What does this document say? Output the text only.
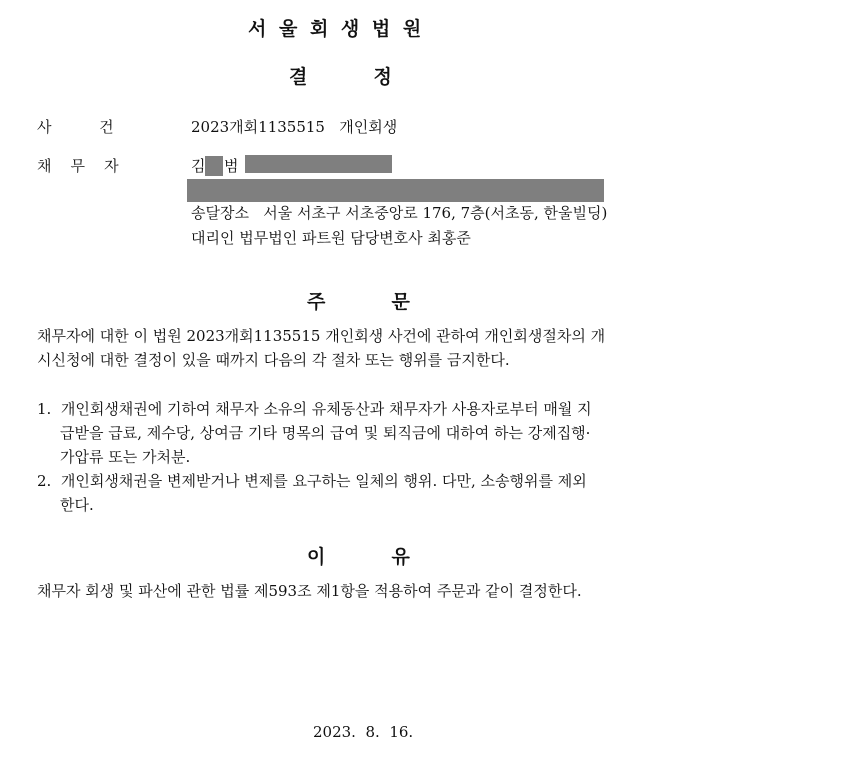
서 울 회 생 법 원
결          정
사          건	2023개회1135515   개인회생
채    무    자	김 범
송달장소   서울 서초구 서초중앙로 176, 7층(서초동, 한울빌딩)
대리인 법무법인 파트원 담당변호사 최홍준
주          문
채무자에 대한 이 법원 2023개회1135515 개인회생 사건에 관하여 개인회생절차의 개
시신청에 대한 결정이 있을 때까지 다음의 각 절차 또는 행위를 금지한다.
1.  개인회생채권에 기하여 채무자 소유의 유체동산과 채무자가 사용자로부터 매월 지
급받을 급료, 제수당, 상여금 기타 명목의 급여 및 퇴직금에 대하여 하는 강제집행·
가압류 또는 가처분.
2.  개인회생채권을 변제받거나 변제를 요구하는 일체의 행위. 다만, 소송행위를 제외
한다.
이          유
채무자 회생 및 파산에 관한 법률 제593조 제1항을 적용하여 주문과 같이 결정한다.
2023.  8.  16.
